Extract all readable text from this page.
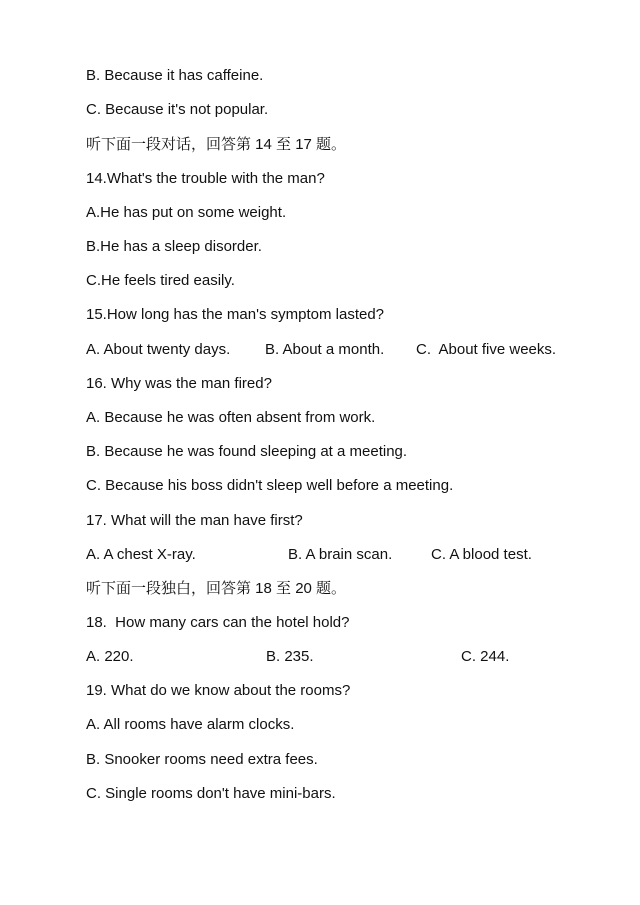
B. Because it has caffeine.
C. Because it's not popular.
听下面一段对话，回答第 14 至 17 题。
14.What's the trouble with the man?
A.He has put on some weight.
B.He has a sleep disorder.
C.He feels tired easily.
15.How long has the man's symptom lasted?

A. About twenty days.

B. About a month.

C.  About five weeks.

16. Why was the man fired?
A. Because he was often absent from work.
B. Because he was found sleeping at a meeting.
C. Because his boss didn't sleep well before a meeting.
17. What will the man have first?

A. A chest X-ray.

	B. A brain scan.

	C. A blood test.

听下面一段独白，回答第 18 至 20 题。
18.  How many cars can the hotel hold?

A. 220.

	B. 235.

	C. 244.

19. What do we know about the rooms?
A. All rooms have alarm clocks.
B. Snooker rooms need extra fees.
C. Single rooms don't have mini-bars.
